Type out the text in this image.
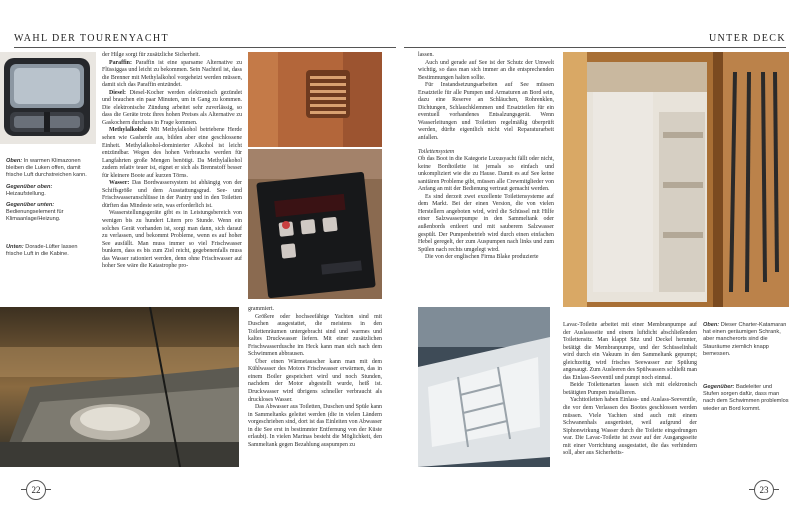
WAHL DER TOURENYACHT	UNTER DECK

Oben: In warmen Klimazonen bleiben die Luken offen, damit frische Luft durchstreichen kann.

Gegenüber oben: Heizaufstellung.

Gegenüber unten: Bedienungselement für Klimaanlage/Heizung.

Unten: Dorade-Lüfter lassen frische Luft in die Kabine.

der Hilge sorgt für zusätzliche Sicherheit.

Paraffin: Paraffin ist eine sparsame Alternative zu Flüssiggas und leicht zu bekommen. Sein Nachteil ist, dass die Brenner mit Methylalkohol vorgeheizt werden müssen, damit sich das Paraffin entzündet.

Diesel: Diesel-Kocher werden elektronisch gezündet und brauchen ein paar Minuten, um in Gang zu kommen. Die elektronische Zündung arbeitet sehr zuverlässig, so dass die Geräte trotz ihres hohen Preises als Alternative zu Gaskochern durchaus in Frage kommen.

Methylalkohol: Mit Methylalkohol betriebene Herde sehen wie Gasherde aus, bilden aber eine geschlossene Einheit. Methylalkohol-dominierter Alkohol ist leicht entzündbar. Wegen des hohen Verbrauchs werden für Langfahrten große Mengen benötigt. Da Methylalkohol zudem relativ teuer ist, eignet er sich als Brennstoff besser für kleinere Boote auf kurzen Törns.

Wasser: Das Bordwassersystem ist abhängig von der Schiffsgröße und dem Ausstattungsgrad. See- und Frischwasseranschlüsse in der Pantry und in den Toiletten dürften das Mindeste sein, was erforderlich ist.

Wasserstellungsgeräte gibt es in Leistungsbereich von wenigen bis zu hundert Litern pro Stunde. Wenn ein solches Gerät vorhanden ist, sorgt man dann, sich darauf zu verlassen, und bekommt Probleme, wenn es auf hoher See ausfällt. Man muss immer so viel Frischwasser bunkern, dass es bis zum Ziel reicht, gegebenenfalls muss das Wasser rationiert werden, denn ohne Frischwasser auf hoher See wäre die Katastrophe pro-

grammiert.

Größere oder hochseefähige Yachten sind mit Duschen ausgestattet, die meistens in den Toilettenräumen untergebracht sind und warmes und kaltes Druckwasser liefern. Mit einer zusätzlichen Frischwasserdusche im Heck kann man sich nach dem Schwimmen abbrausen.

Über einen Wärmetauscher kann man mit dem Kühlwasser des Motors Frischwasser erwärmen, das in einem Boiler gespeichert wird und noch Stunden, nachdem der Motor abgestellt wurde, heiß ist. Druckwasser wird übrigens schneller verbraucht als druckloses Wasser.

Das Abwasser aus Toiletten, Duschen und Spüle kann in Sammeltanks geleitet werden (die in vielen Ländern vorgeschrieben sind, dort ist das Einleiten von Abwasser in die See erst in bestimmter Entfernung von der Küste erlaubt). In vielen Marinas besteht die Möglichkeit, den Sammeltank gegen Bezahlung auspumpen zu

lassen.

Auch und gerade auf See ist der Schutz der Umwelt wichtig, so dass man sich immer an die entsprechenden Bestimmungen halten sollte.

Für Instandsetzungsarbeiten auf See müssen Ersatzteile für alle Pumpen und Armaturen an Bord sein, dazu eine Reserve an Schläuchen, Rohrenklen, Dichtungen, Schlauchklemmen und Ersatzteilen für ein eventuell vorhandenes Entsalzungsgerät. Wenn Wasserleitungen und Toiletten regelmäßig überprüft werden, dürfte eigentlich nicht viel Reparaturarbeit anfallen.

Toilettensystem

Ob das Boot in die Kategorie Luxusyacht fällt oder nicht, keine Bordtoilette ist jemals so einfach und unkompliziert wie die zu Hause. Damit es auf See keine sanitären Probleme gibt, müssen alle Crewmitglieder von Anfang an mit der Bedienung vertraut gemacht werden.

Es sind derzeit zwei exzellente Toilettensysteme auf dem Markt. Bei der einen Version, die von vielen Herstellern angeboten wird, wird die Schüssel mit Hilfe einer Salzwasserpumpe in den Sammeltank oder außenbords entleert und mit sauberem Salzwasser gespült. Der Pumpenbetrieb wird durch einen einfachen Hebel geregelt, der zum Auspumpen nach links und zum Spülen nach rechts umgelegt wird.

Die von der englischen Firma Blake produzierte

Oben: Dieser Charter-Katamaran hat einen geräumigen Schrank, aber mancherorts sind die Stauräume ziemlich knapp bemessen.

Gegenüber: Badeleiter und Stufen sorgen dafür, dass man nach dem Schwimmen problemlos wieder an Bord kommt.

Lavac-Toilette arbeitet mit einer Membranpumpe auf der Auslassseite und einem luftdicht abschließenden Toilettensitz. Man klappt Sitz und Deckel herunter, betätigt die Membranpumpe, und der Schüsselinhalt wird durch ein Vakuum in den Sammeltank gepumpt; gleichzeitig wird frisches Seewasser zur Spülung angesaugt. Zum Ausleeren des Spülwassers schließt man das Einlass-Seeventil und pumpt noch einmal.

Beide Toilettenarten lassen sich mit elektronisch betätigten Pumpen installieren.

Yachttoiletten haben Einlass- und Auslass-Seeventile, die vor dem Verlassen des Bootes geschlossen werden müssen. Viele Yachten sind auch mit einem Schwanenhals ausgerüstet, weil aufgrund der Siphonwirkung Wasser durch die Toilette eingedrungen war. Die Lavac-Toilette ist zwar auf der Ausgangsseite mit einer Vorrichtung ausgestattet, die das verhindern soll, aber aus Sicherheits-

22	23
